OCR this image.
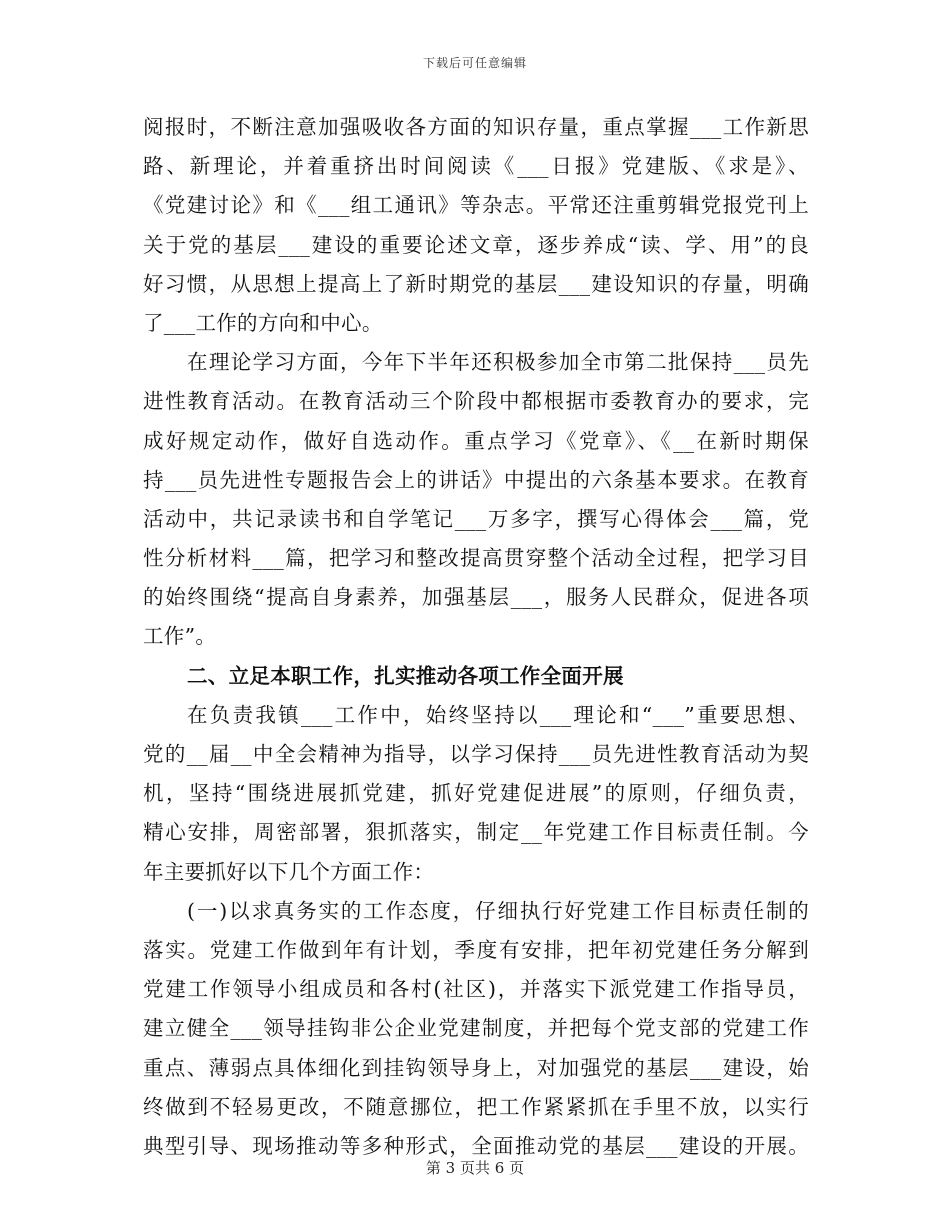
下载后可任意编辑
阅报时，不断注意加强吸收各方面的知识存量，重点掌握___工作新思
路、新理论，并着重挤出时间阅读《___日报》党建版、《求是》、
《党建讨论》和《___组工通讯》等杂志。平常还注重剪辑党报党刊上
关于党的基层___建设的重要论述文章，逐步养成“读、学、用”的良
好习惯，从思想上提高上了新时期党的基层___建设知识的存量，明确
了___工作的方向和中心。
在理论学习方面，今年下半年还积极参加全市第二批保持___员先
进性教育活动。在教育活动三个阶段中都根据市委教育办的要求，完
成好规定动作，做好自选动作。重点学习《党章》、《__在新时期保
持___员先进性专题报告会上的讲话》中提出的六条基本要求。在教育
活动中，共记录读书和自学笔记___万多字，撰写心得体会___篇，党
性分析材料___篇，把学习和整改提高贯穿整个活动全过程，把学习目
的始终围绕“提高自身素养，加强基层___，服务人民群众，促进各项
工作”。
二、立足本职工作，扎实推动各项工作全面开展
在负责我镇___工作中，始终坚持以___理论和“___”重要思想、
党的__届__中全会精神为指导，以学习保持___员先进性教育活动为契
机，坚持“围绕进展抓党建，抓好党建促进展”的原则，仔细负责，
精心安排，周密部署，狠抓落实，制定__年党建工作目标责任制。今
年主要抓好以下几个方面工作：
(一)以求真务实的工作态度，仔细执行好党建工作目标责任制的
落实。党建工作做到年有计划，季度有安排，把年初党建任务分解到
党建工作领导小组成员和各村(社区)，并落实下派党建工作指导员，
建立健全___领导挂钩非公企业党建制度，并把每个党支部的党建工作
重点、薄弱点具体细化到挂钩领导身上，对加强党的基层___建设，始
终做到不轻易更改，不随意挪位，把工作紧紧抓在手里不放，以实行
典型引导、现场推动等多种形式，全面推动党的基层___建设的开展。
第 3 页共 6 页
